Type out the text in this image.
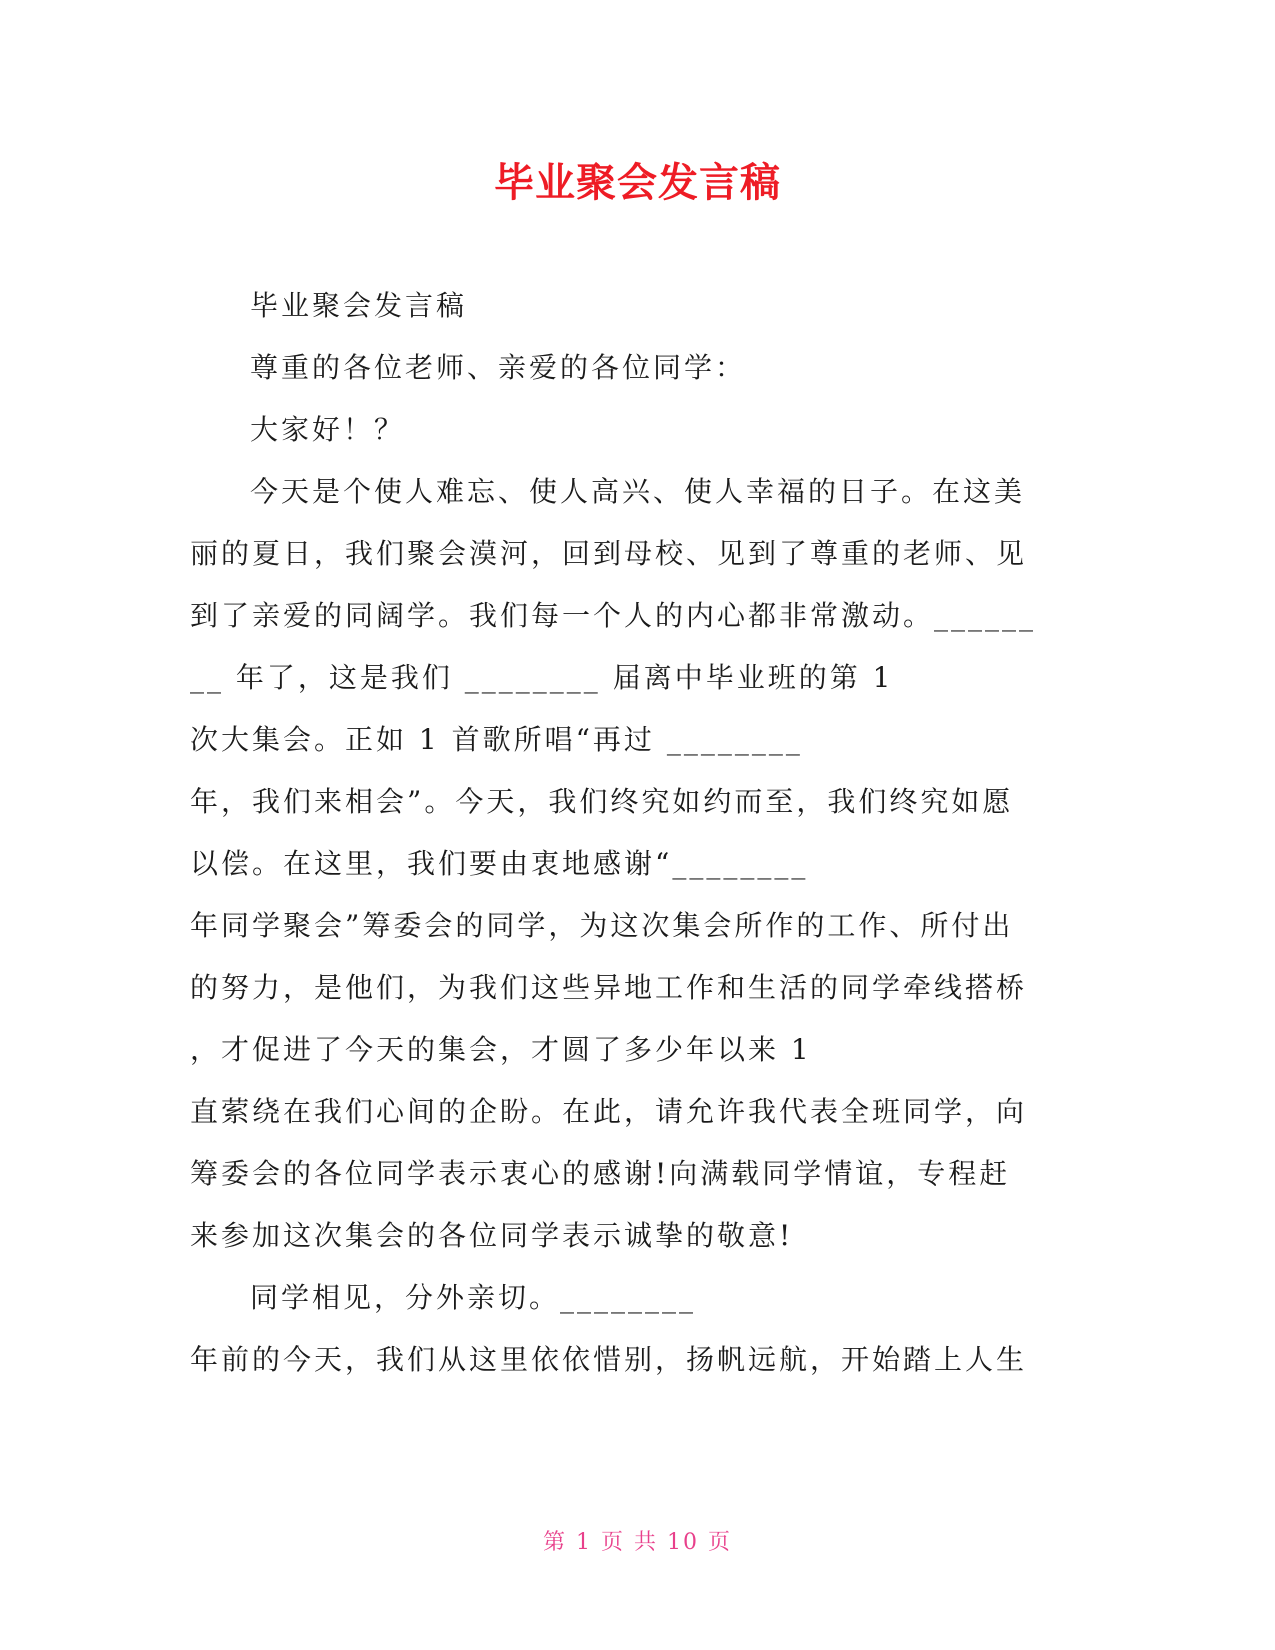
毕业聚会发言稿
毕业聚会发言稿
尊重的各位老师、亲爱的各位同学：
大家好！？
今天是个使人难忘、使人高兴、使人幸福的日子。在这美
丽的夏日，我们聚会漠河，回到母校、见到了尊重的老师、见
到了亲爱的同阔学。我们每一个人的内心都非常激动。______
__ 年了，这是我们 ________ 届离中毕业班的第 1
次大集会。正如 1 首歌所唱“再过 ________
年，我们来相会”。今天，我们终究如约而至，我们终究如愿
以偿。在这里，我们要由衷地感谢“________
年同学聚会”筹委会的同学，为这次集会所作的工作、所付出
的努力，是他们，为我们这些异地工作和生活的同学牵线搭桥
，才促进了今天的集会，才圆了多少年以来 1
直萦绕在我们心间的企盼。在此，请允许我代表全班同学，向
筹委会的各位同学表示衷心的感谢!向满载同学情谊，专程赶
来参加这次集会的各位同学表示诚挚的敬意!
同学相见，分外亲切。________
年前的今天，我们从这里依依惜别，扬帆远航，开始踏上人生
第 1 页 共 10 页
